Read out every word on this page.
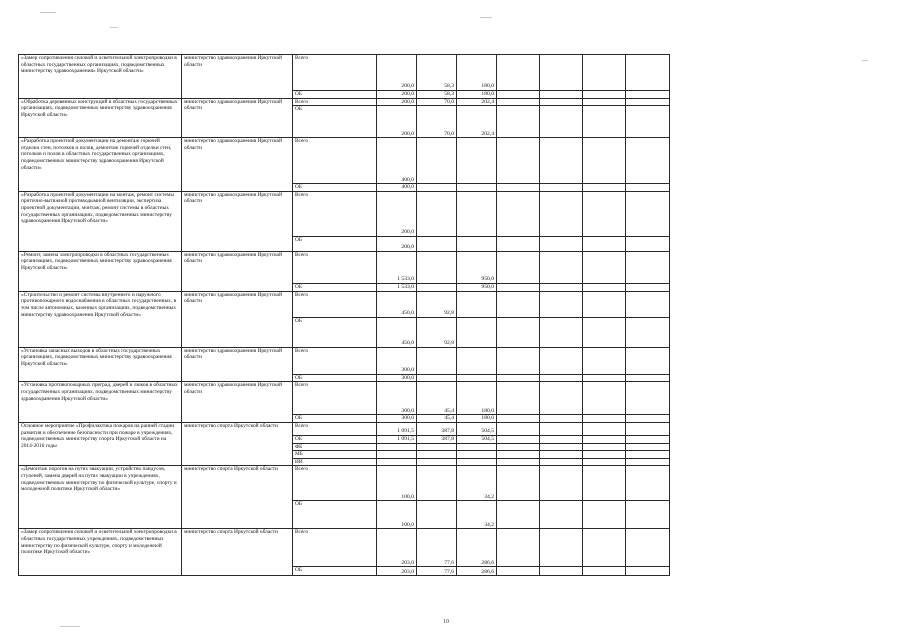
«Замер сопротивления силовой и осветительной электропроводки в областных государственных организациях, подведомственных министерству здравоохранения» Иркутской области»	министерство здравоохранения Иркутской области	Всего	200,0	58,3	180,0				
		ОБ	200,0	58,3	180,0				
«Обработка деревянных конструкций в областных государственных организациях, подведомственных министерству здравоохранения Иркутской области»	министерство здравоохранения Иркутской области	Всего	200,0	70,0	202,4				
		ОБ	200,0	70,0	202,4				
«Разработка проектной документации на демонтаж горючей отделки стен, потолков и полов, демонтаж горючей отделки стен, потолков и полов в областных государственных организациях, подведомственных министерству здравоохранения Иркутской области»	министерство здравоохранения Иркутской области	Всего	400,0						
		ОБ	400,0						
«Разработка проектной документации на монтаж, ремонт системы приточно-вытяжной противодымной вентиляции, экспертиза проектной документации, монтаж, ремонт системы в областных государственных организациях, подведомственных министерству здравоохранения Иркутской области»	министерство здравоохранения Иркутской области	Всего	200,0						
		ОБ	200,0						
«Ремонт, замена электропроводки в областных государственных организациях, подведомственных министерству здравоохранения Иркутской области»	министерство здравоохранения Иркутской области	Всего	1 533,0		950,0				
		ОБ	1 533,0		950,0				
«Строительство и ремонт системы внутреннего и наружного противопожарного водоснабжения в областных государственных, в том числе автономных, казенных организациях, подведомственных министерству здравоохранения Иркутской области»	министерство здравоохранения Иркутской области	Всего	450,0	92,8					
		ОБ	450,0	92,8					
«Установка запасных выходов в областных государственных организациях, подведомственных министерству здравоохранения Иркутской области»	министерство здравоохранения Иркутской области	Всего	300,0						
		ОБ	300,0						
«Установка противопожарных преград, дверей и люков в областных государственных организациях, подведомственных министерству здравоохранения Иркутской области»	министерство здравоохранения Иркутской области	Всего	300,0	45,4	180,0				
		ОБ	300,0	45,4	180,0				
Основное мероприятие «Профилактика пожаров на ранней стадии развития и обеспечение безопасности при пожаре в учреждениях, подведомственных министерству спорта Иркутской области на 2014-2016 годы	министерство спорта Иркутской области	Всего	1 091,5	387,8	504,5				
		ОБ	1 091,5	387,8	504,5				
		ФБ							
		МБ							
		ИИ							
«Демонтаж порогов на путях эвакуации, устройство пандусов, ступеней, замена дверей на путях эвакуации в учреждениях, подведомственных министерству по физической культуре, спорту и молодежной политике Иркутской области»	министерство спорта Иркутской области	Всего	100,0		34,2				
		ОБ	100,0		34,2				
«Замер сопротивления силовой и осветительной электропроводки в областных государственных учреждениях, подведомственных министерству по физической культуре, спорту и молодежной политике Иркутской области»	министерство спорта Иркутской области	Всего	203,0	77,6	286,6				
		ОБ	203,0	77,6	286,6				
10
